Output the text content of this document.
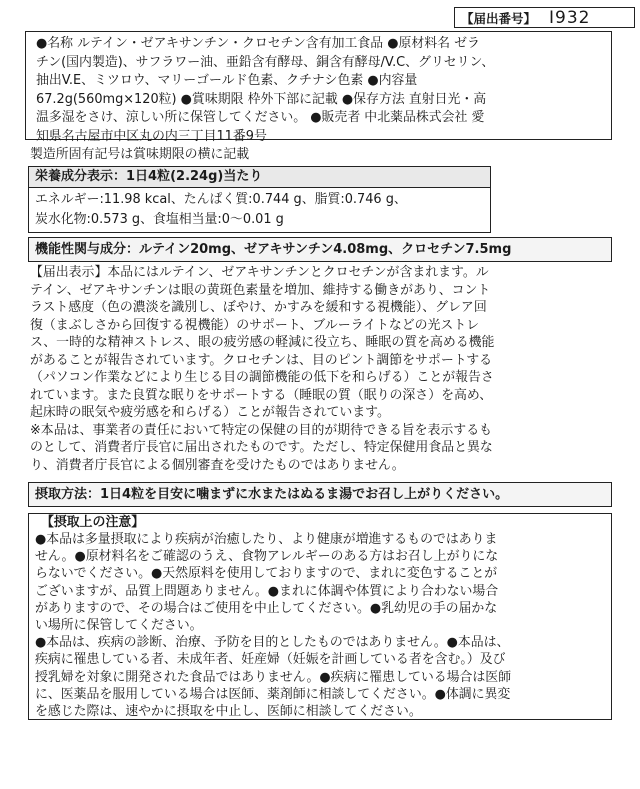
【届出番号】 I932

●名称 ルテイン・ゼアキサンチン・クロセチン含有加工食品 ●原材料名 ゼラ

チン(国内製造)、サフラワー油、亜鉛含有酵母、銅含有酵母/V.C、グリセリン、

抽出V.E、ミツロウ、マリーゴールド色素、クチナシ色素 ●内容量

67.2g(560mg×120粒) ●賞味期限 枠外下部に記載 ●保存方法 直射日光・高

温多湿をさけ、涼しい所に保管してください。 ●販売者 中北薬品株式会社 愛

知県名古屋市中区丸の内三丁目11番9号

製造所固有記号は賞味期限の横に記載

栄養成分表示：1日4粒(2.24g)当たり

エネルギー:11.98 kcal、たんぱく質:0.744 g、脂質:0.746 g、

炭水化物:0.573 g、食塩相当量:0～0.01 g

機能性関与成分：ルテイン20mg、ゼアキサンチン4.08mg、クロセチン7.5mg

【届出表示】本品にはルテイン、ゼアキサンチンとクロセチンが含まれます。ル

テイン、ゼアキサンチンは眼の黄斑色素量を増加、維持する働きがあり、コント

ラスト感度（色の濃淡を識別し、ぼやけ、かすみを緩和する視機能）、グレア回

復（まぶしさから回復する視機能）のサポート、ブルーライトなどの光ストレ

ス、一時的な精神ストレス、眼の疲労感の軽減に役立ち、睡眠の質を高める機能

があることが報告されています。クロセチンは、目のピント調節をサポートする

（パソコン作業などにより生じる目の調節機能の低下を和らげる）ことが報告さ

れています。また良質な眠りをサポートする（睡眠の質（眠りの深さ）を高め、

起床時の眠気や疲労感を和らげる）ことが報告されています。

※本品は、事業者の責任において特定の保健の目的が期待できる旨を表示するも

のとして、消費者庁長官に届出されたものです。ただし、特定保健用食品と異な

り、消費者庁長官による個別審査を受けたものではありません。

摂取方法：1日4粒を目安に噛まずに水またはぬるま湯でお召し上がりください。

【摂取上の注意】

●本品は多量摂取により疾病が治癒したり、より健康が増進するものではありま

せん。●原材料名をご確認のうえ、食物アレルギーのある方はお召し上がりにな

らないでください。●天然原料を使用しておりますので、まれに変色することが

ございますが、品質上問題ありません。●まれに体調や体質により合わない場合

がありますので、その場合はご使用を中止してください。●乳幼児の手の届かな

い場所に保管してください。

●本品は、疾病の診断、治療、予防を目的としたものではありません。●本品は、

疾病に罹患している者、未成年者、妊産婦（妊娠を計画している者を含む。）及び

授乳婦を対象に開発された食品ではありません。●疾病に罹患している場合は医師

に、医薬品を服用している場合は医師、薬剤師に相談してください。●体調に異変

を感じた際は、速やかに摂取を中止し、医師に相談してください。
